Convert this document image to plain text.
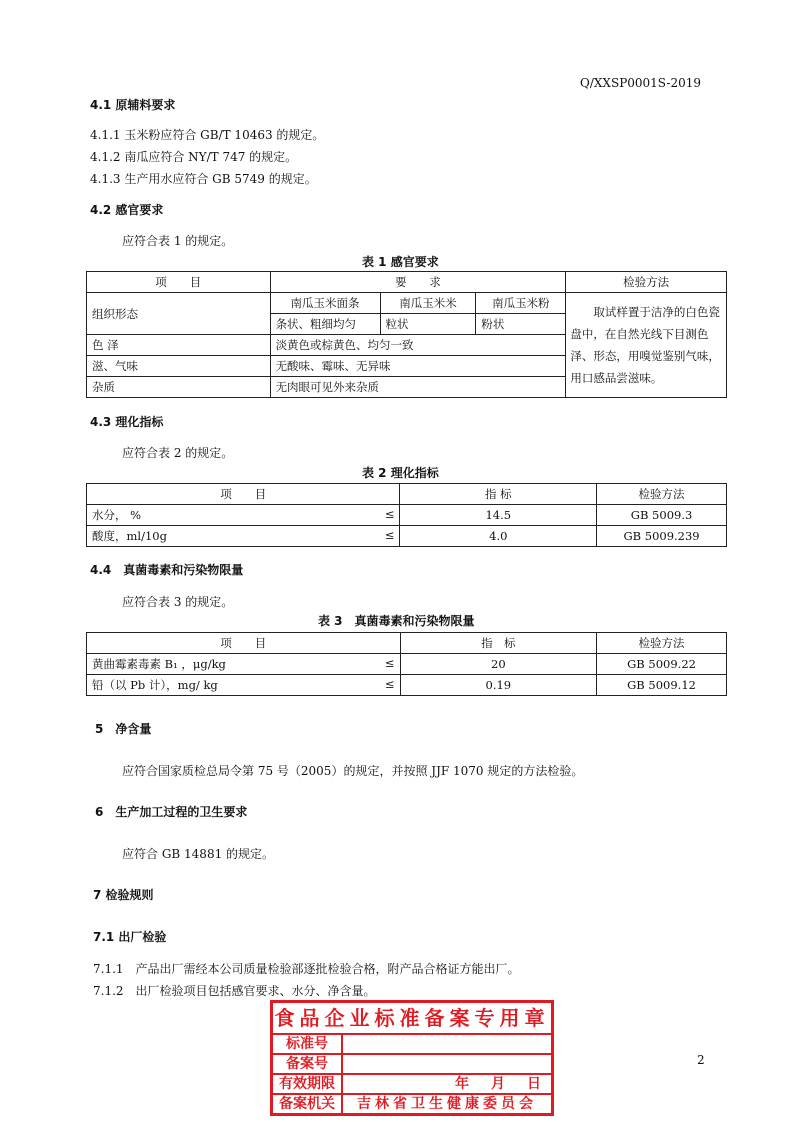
Q/XXSP0001S-2019
4.1 原辅料要求
4.1.1 玉米粉应符合 GB/T 10463 的规定。
4.1.2 南瓜应符合 NY/T 747 的规定。
4.1.3 生产用水应符合 GB 5749 的规定。
4.2 感官要求
应符合表 1 的规定。
表 1 感官要求
项　　目	要　　求			检验方法
组织形态	南瓜玉米面条	南瓜玉米米	南瓜玉米粉	取试样置于洁净的白色瓷盘中，在自然光线下目测色泽、形态，用嗅觉鉴别气味，用口感品尝滋味。
	条状、粗细均匀	粒状	粉状	
色 泽	淡黄色或棕黄色、均匀一致			
滋、气味	无酸味、霉味、无异味			
杂质	无肉眼可见外来杂质			
4.3 理化指标
应符合表 2 的规定。
表 2 理化指标
项　　目	指 标	检验方法
水分， % ≤	14.5	GB 5009.3
酸度，ml/10g ≤	4.0	GB 5009.239
4.4　真菌毒素和污染物限量
应符合表 3 的规定。
表 3　真菌毒素和污染物限量
项　　目	指　标	检验方法
黄曲霉素毒素 B₁ ，μg/kg ≤	20	GB 5009.22
铅（以 Pb 计），mg/ kg ≤	0.19	GB 5009.12
5　净含量
应符合国家质检总局令第 75 号（2005）的规定，并按照 JJF 1070 规定的方法检验。
6　生产加工过程的卫生要求
应符合 GB 14881 的规定。
7 检验规则
7.1 出厂检验
7.1.1　产品出厂需经本公司质量检验部逐批检验合格，附产品合格证方能出厂。
7.1.2　出厂检验项目包括感官要求、水分、净含量。
食品企业标准备案专用章
标准号
备案号
有效期限	年　月　日
备案机关	吉林省卫生健康委员会
2
